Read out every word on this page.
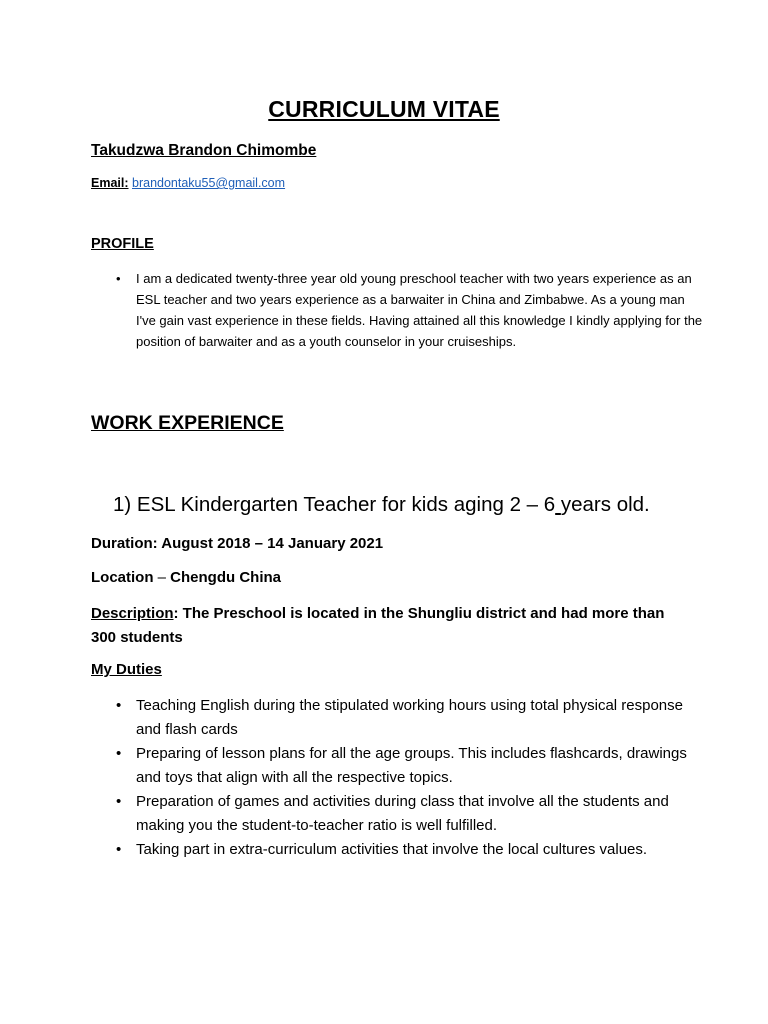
CURRICULUM VITAE
Takudzwa Brandon Chimombe
Email: brandontaku55@gmail.com
PROFILE
• I am a dedicated twenty-three year old young preschool teacher with two years experience as an ESL teacher and two years experience as a barwaiter in China and Zimbabwe. As a young man I've gain vast experience in these fields. Having attained all this knowledge I kindly applying for the position of barwaiter and as a youth counselor in your cruiseships.
WORK EXPERIENCE
1) ESL Kindergarten Teacher for kids aging 2 – 6 years old.
Duration: August 2018 – 14 January 2021
Location – Chengdu China
Description: The Preschool is located in the Shungliu district and had more than 300 students
My Duties
• Teaching English during the stipulated working hours using total physical response and flash cards
• Preparing of lesson plans for all the age groups. This includes flashcards, drawings and toys that align with all the respective topics.
• Preparation of games and activities during class that involve all the students and making you the student-to-teacher ratio is well fulfilled.
• Taking part in extra-curriculum activities that involve the local cultures values.
